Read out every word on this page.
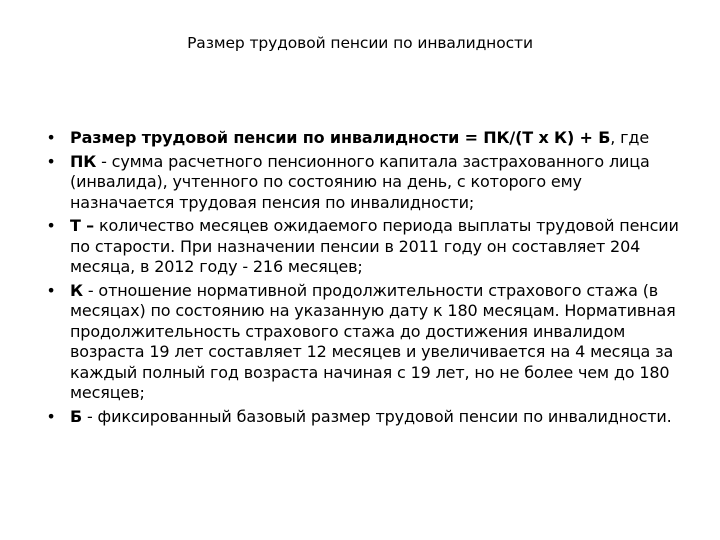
Размер трудовой пенсии по инвалидности
• Размер трудовой пенсии по инвалидности = ПК/(Т х К) + Б, где
• ПК - сумма расчетного пенсионного капитала застрахованного лица (инвалида), учтенного по состоянию на день, с которого ему назначается трудовая пенсия по инвалидности;
• Т – количество месяцев ожидаемого периода выплаты трудовой пенсии по старости. При назначении пенсии в 2011 году он составляет 204 месяца, в 2012 году - 216 месяцев;
• К - отношение нормативной продолжительности страхового стажа (в месяцах) по состоянию на указанную дату к 180 месяцам. Нормативная продолжительность страхового стажа до достижения инвалидом возраста 19 лет составляет 12 месяцев и увеличивается на 4 месяца за каждый полный год возраста начиная с 19 лет, но не более чем до 180 месяцев;
• Б - фиксированный базовый размер трудовой пенсии по инвалидности.
